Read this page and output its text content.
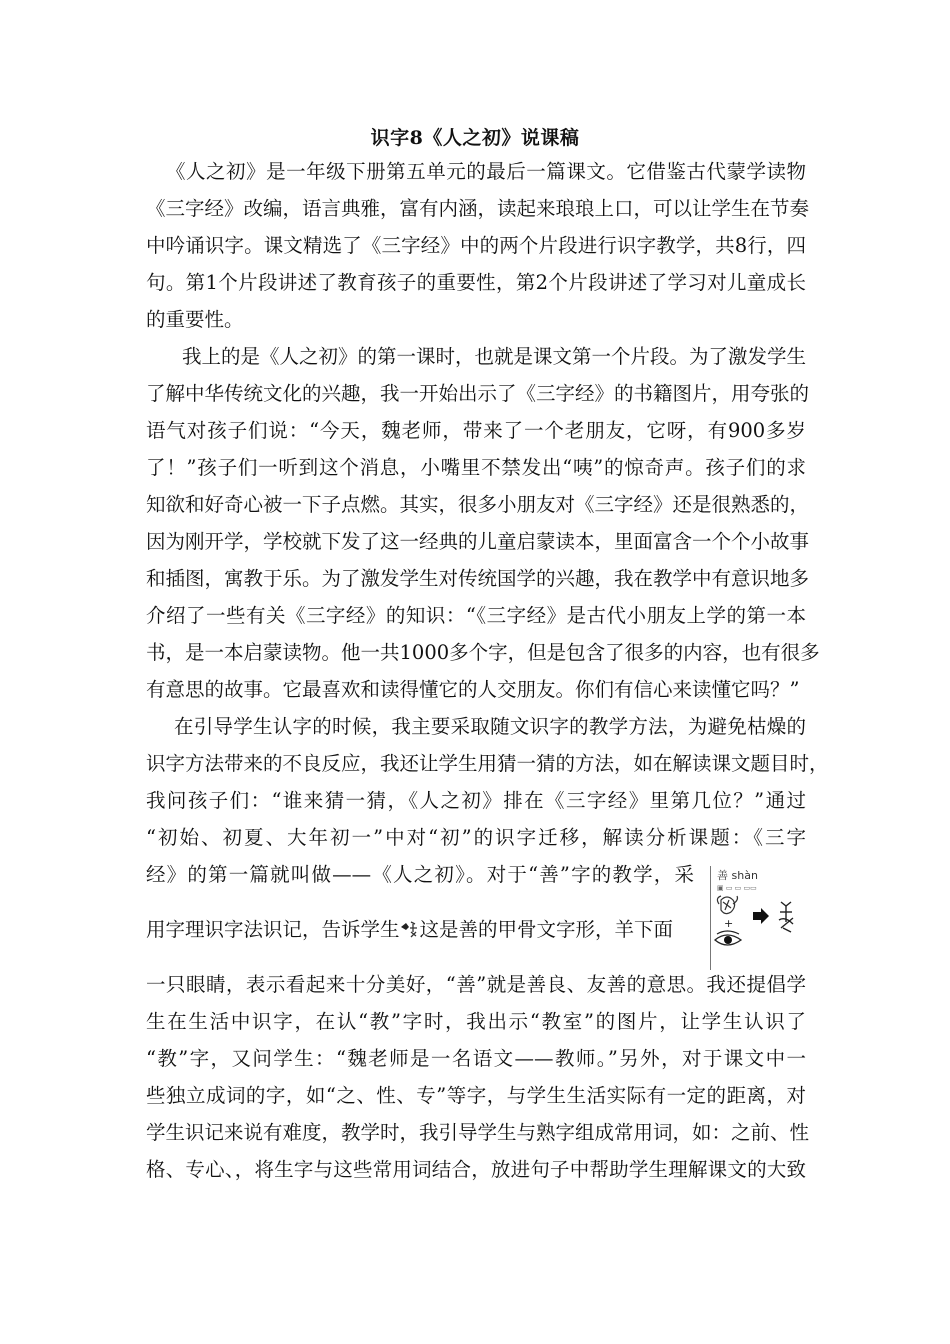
识字8《人之初》说课稿
《人之初》是一年级下册第五单元的最后一篇课文。它借鉴古代蒙学读物
《三字经》改编，语言典雅，富有内涵，读起来琅琅上口，可以让学生在节奏
中吟诵识字。课文精选了《三字经》中的两个片段进行识字教学，共8行，四
句。第1个片段讲述了教育孩子的重要性，第2个片段讲述了学习对儿童成长
的重要性。
我上的是《人之初》的第一课时，也就是课文第一个片段。为了激发学生
了解中华传统文化的兴趣，我一开始出示了《三字经》的书籍图片，用夸张的
语气对孩子们说：“今天，魏老师，带来了一个老朋友，它呀，有900多岁
了！”孩子们一听到这个消息，小嘴里不禁发出“咦”的惊奇声。孩子们的求
知欲和好奇心被一下子点燃。其实，很多小朋友对《三字经》还是很熟悉的，
因为刚开学，学校就下发了这一经典的儿童启蒙读本，里面富含一个个小故事
和插图，寓教于乐。为了激发学生对传统国学的兴趣，我在教学中有意识地多
介绍了一些有关《三字经》的知识：“《三字经》是古代小朋友上学的第一本
书，是一本启蒙读物。他一共1000多个字，但是包含了很多的内容，也有很多
有意思的故事。它最喜欢和读得懂它的人交朋友。你们有信心来读懂它吗？”
在引导学生认字的时候，我主要采取随文识字的教学方法，为避免枯燥的
识字方法带来的不良反应，我还让学生用猜一猜的方法，如在解读课文题目时，
我问孩子们：“谁来猜一猜，《人之初》排在《三字经》里第几位？”通过
“初始、初夏、大年初一”中对“初”的识字迁移，解读分析课题：《三字
经》的第一篇就叫做——《人之初》。对于“善”字的教学，采
用字理识字法识记，告诉学生 这是善的甲骨文字形，羊下面
一只眼睛，表示看起来十分美好，“善”就是善良、友善的意思。我还提倡学
生在生活中识字，在认“教”字时，我出示“教室”的图片，让学生认识了
“教”字，又问学生：“魏老师是一名语文——教师。”另外，对于课文中一
些独立成词的字，如“之、性、专”等字，与学生生活实际有一定的距离，对
学生识记来说有难度，教学时，我引导学生与熟字组成常用词，如：之前、性
格、专心、，将生字与这些常用词结合，放进句子中帮助学生理解课文的大致
善 shàn
▣ ▭ ▭ ▭▭
+
